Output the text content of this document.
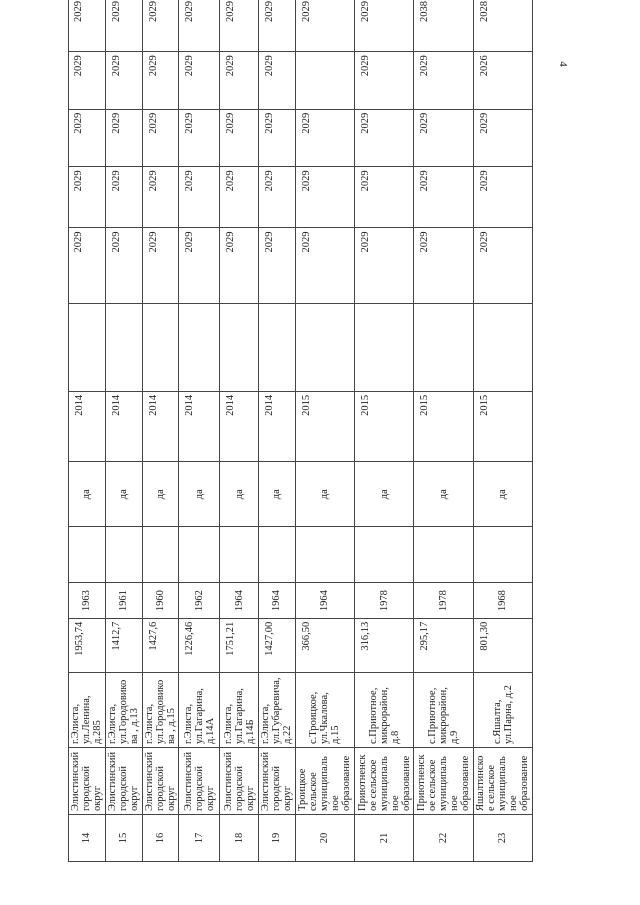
4
14	Элистинский городской округ	г.Элиста, ул.Ленина, д.285	1953,74	1963		да	2014		2029	2029	2029	2029	2029
15	Элистинский городской округ	г.Элиста, ул.Городовикова , д.13	1412,7	1961		да	2014		2029	2029	2029	2029	2029
16	Элистинский городской округ	г.Элиста, ул.Городовикова , д.15	1427,6	1960		да	2014		2029	2029	2029	2029	2029
17	Элистинский городской округ	г.Элиста, ул.Гагарина, д.14А	1226,46	1962		да	2014		2029	2029	2029	2029	2029
18	Элистинский городской округ	г.Элиста, ул.Гагарина, д.14Б	1751,21	1964		да	2014		2029	2029	2029	2029	2029
19	Элистинский городской округ	г.Элиста, ул.Губаревича, д.22	1427,00	1964		да	2014		2029	2029	2029	2029	2029
20	Троицкое сельское муниципальное образование	с.Троицкое, ул.Чкалова, д.15	366,50	1964		да	2015		2029	2029	2029		2029
21	Приютненское сельское муниципальное образование	с.Приютное, микрорайон, д.8	316,13	1978		да	2015		2029	2029	2029	2029	2029
22	Приютненское сельское муниципальное образование	с.Приютное, микрорайон, д.9	295,17	1978		да	2015		2029	2029	2029	2029	2038
23	Яшалтинское сельское муниципальное образование	с.Яшалта, ул.Парна, д.2	801,30	1968		да	2015		2029	2029	2029	2026	2028
